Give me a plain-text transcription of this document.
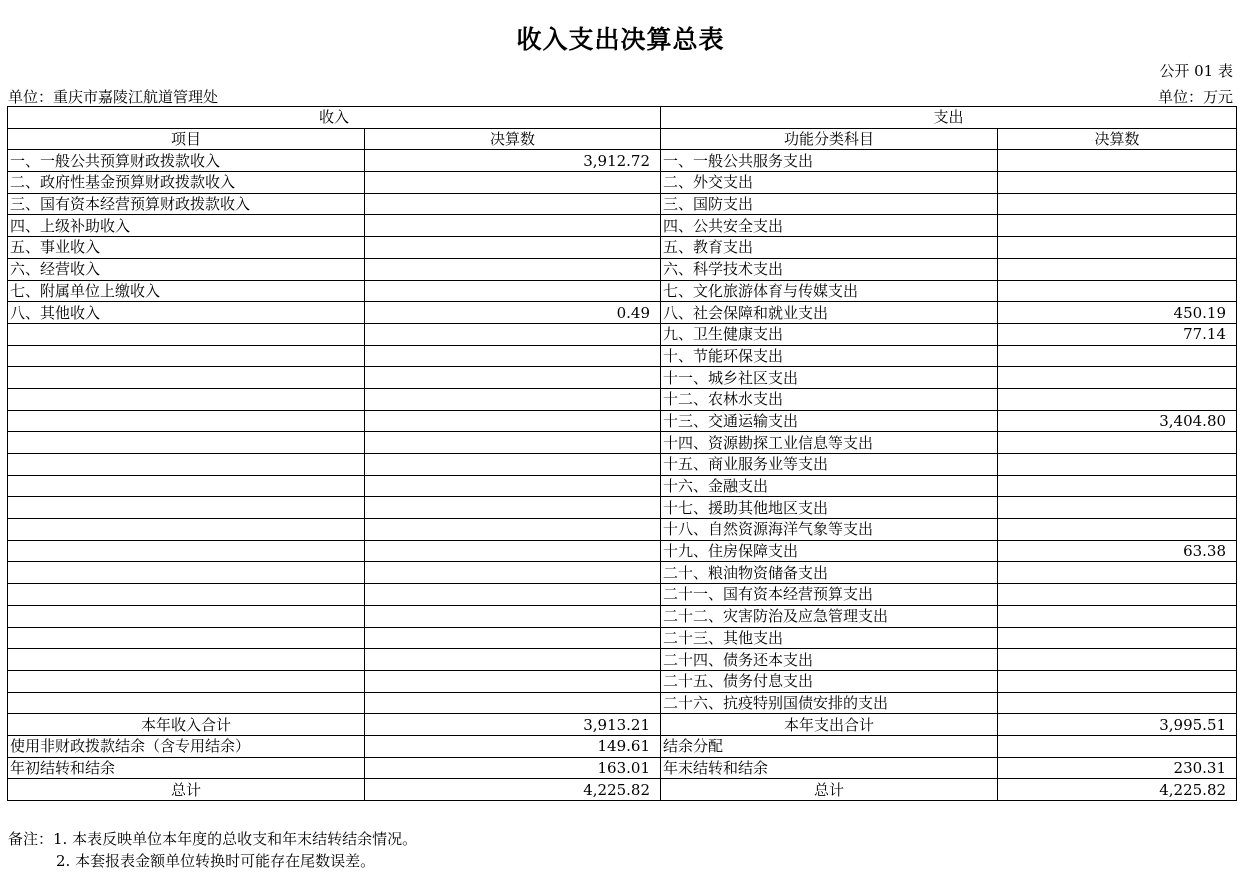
收入支出决算总表
公开 01 表
单位：重庆市嘉陵江航道管理处	单位：万元
收入		支出	
项目	决算数	功能分类科目	决算数
一、一般公共预算财政拨款收入	3,912.72	一、一般公共服务支出	
二、政府性基金预算财政拨款收入		二、外交支出	
三、国有资本经营预算财政拨款收入		三、国防支出	
四、上级补助收入		四、公共安全支出	
五、事业收入		五、教育支出	
六、经营收入		六、科学技术支出	
七、附属单位上缴收入		七、文化旅游体育与传媒支出	
八、其他收入	0.49	八、社会保障和就业支出	450.19
		九、卫生健康支出	77.14
		十、节能环保支出	
		十一、城乡社区支出	
		十二、农林水支出	
		十三、交通运输支出	3,404.80
		十四、资源勘探工业信息等支出	
		十五、商业服务业等支出	
		十六、金融支出	
		十七、援助其他地区支出	
		十八、自然资源海洋气象等支出	
		十九、住房保障支出	63.38
		二十、粮油物资储备支出	
		二十一、国有资本经营预算支出	
		二十二、灾害防治及应急管理支出	
		二十三、其他支出	
		二十四、债务还本支出	
		二十五、债务付息支出	
		二十六、抗疫特别国债安排的支出	
本年收入合计	3,913.21	本年支出合计	3,995.51
使用非财政拨款结余（含专用结余）	149.61	结余分配	
年初结转和结余	163.01	年末结转和结余	230.31
总计	4,225.82	总计	4,225.82
备注：1. 本表反映单位本年度的总收支和年末结转结余情况。
2. 本套报表金额单位转换时可能存在尾数误差。
